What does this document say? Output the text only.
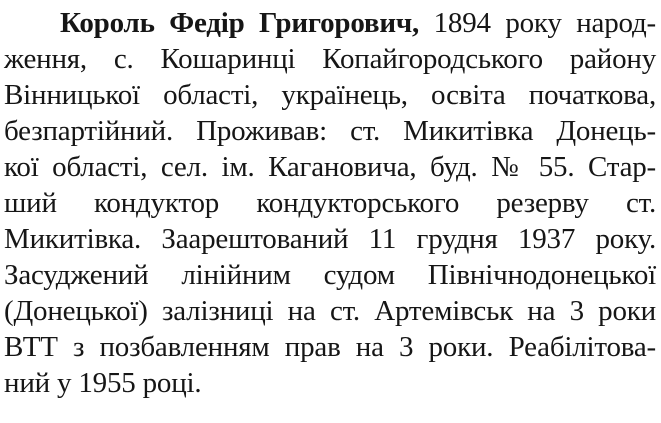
Король Федір Григорович, 1894 року народ-

ження, с. Кошаринці Копайгородського району

Вінницької області, українець, освіта початкова,

безпартійний. Проживав: ст. Микитівка Донець-

кої області, сел. ім. Кагановича, буд. № 55. Стар-

ший кондуктор кондукторського резерву ст.

Микитівка. Заарештований 11 грудня 1937 року.

Засуджений лінійним судом Північнодонецької

(Донецької) залізниці на ст. Артемівськ на 3 роки

ВТТ з позбавленням прав на 3 роки. Реабілітова-

ний у 1955 році.
